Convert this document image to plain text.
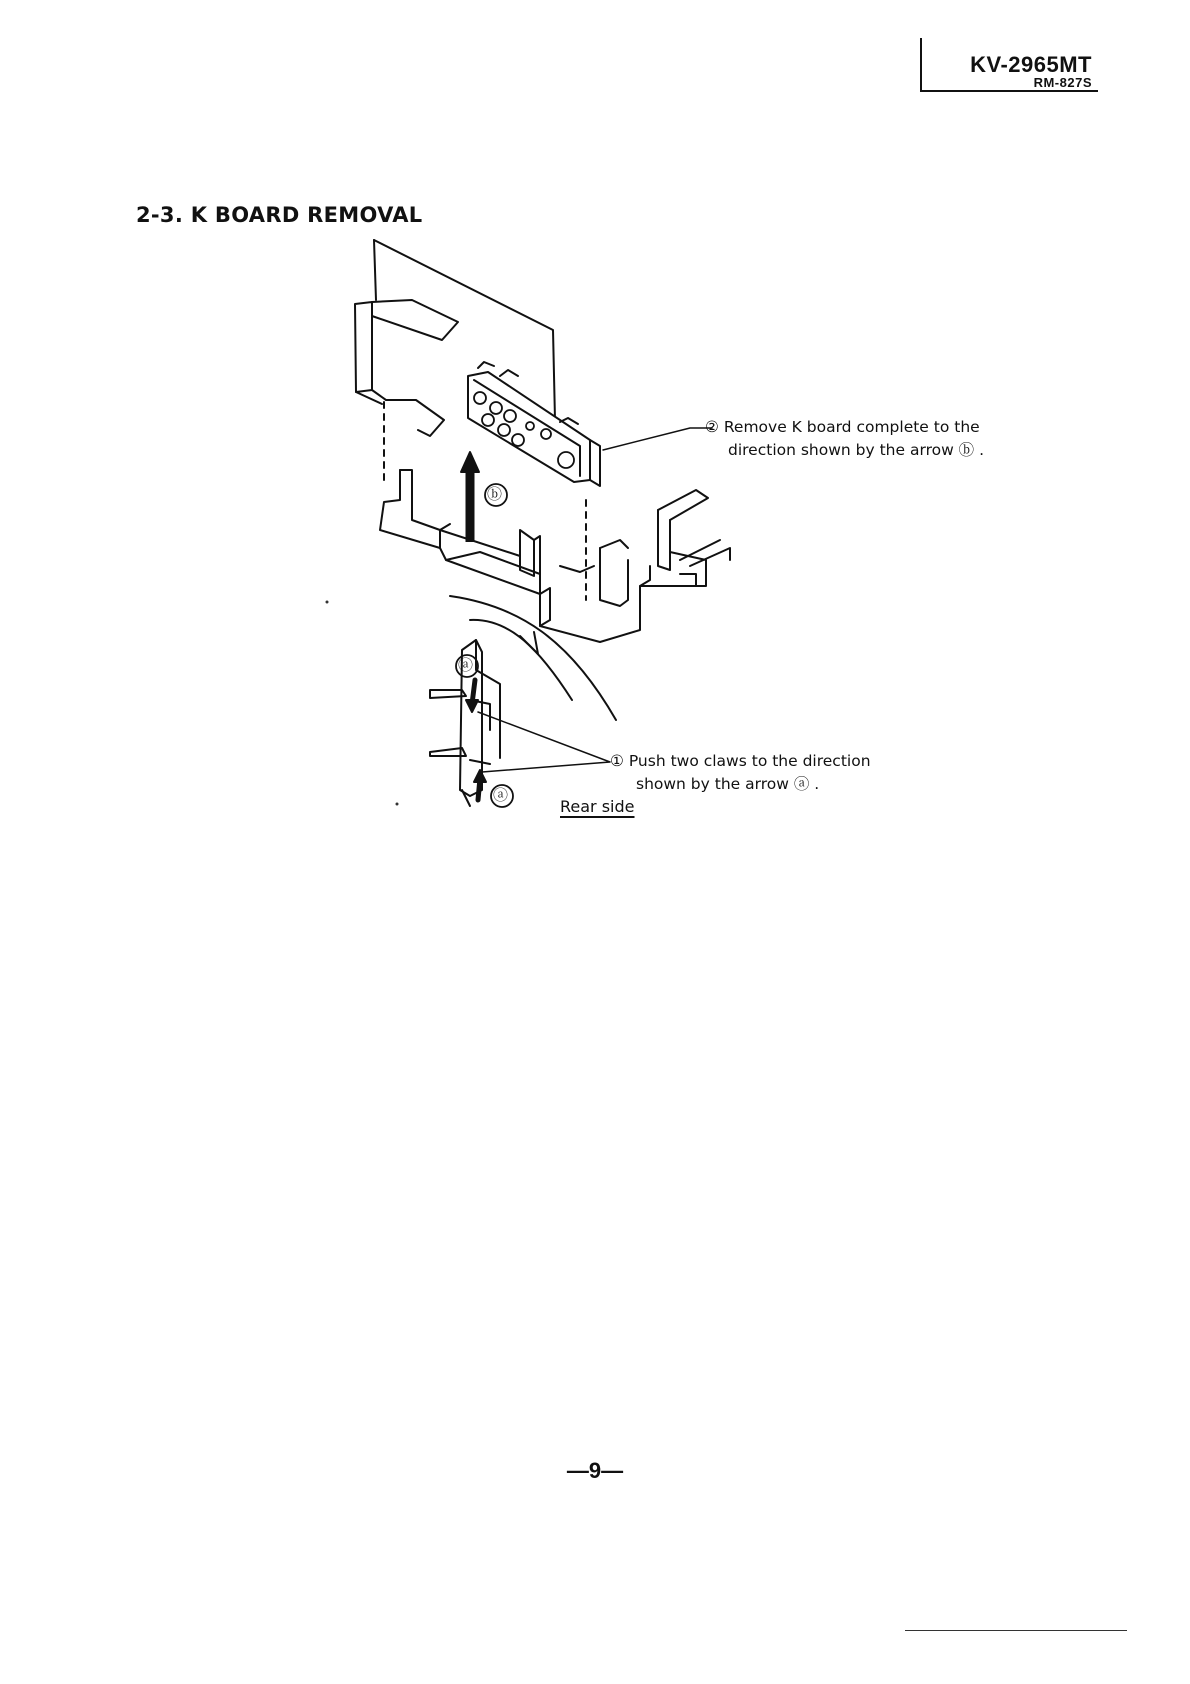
KV-2965MT
RM-827S
2-3. K BOARD REMOVAL
ⓑ
ⓐ
ⓐ
② Remove K board complete to the
direction shown by the arrow ⓑ .
① Push two claws to the direction
shown by the arrow ⓐ .
Rear side
—9—
